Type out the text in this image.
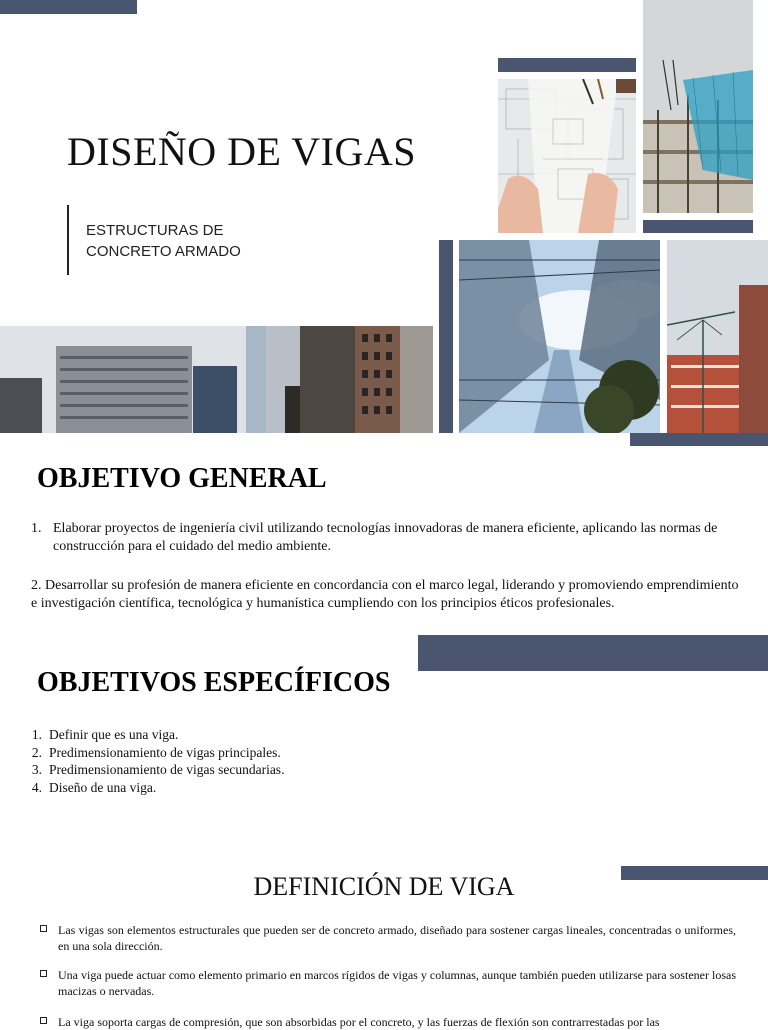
DISEÑO DE VIGAS
ESTRUCTURAS DE
CONCRETO ARMADO
OBJETIVO GENERAL
1. Elaborar proyectos de ingeniería civil utilizando tecnologías innovadoras de manera eficiente, aplicando las normas de construcción para el cuidado del medio ambiente.
2. Desarrollar su profesión de manera eficiente en concordancia con el marco legal, liderando y promoviendo emprendimiento e investigación científica, tecnológica y humanística cumpliendo con los principios éticos profesionales.
OBJETIVOS ESPECÍFICOS
1. Definir que es una viga.
2. Predimensionamiento de vigas principales.
3. Predimensionamiento de vigas secundarias.
4. Diseño de una viga.
DEFINICIÓN DE VIGA
Las vigas son elementos estructurales que pueden ser de concreto armado, diseñado para sostener cargas lineales, concentradas o uniformes, en una sola dirección.
Una viga puede actuar como elemento primario en marcos rígidos de vigas y columnas, aunque también pueden utilizarse para sostener losas macizas o nervadas.
La viga soporta cargas de compresión, que son absorbidas por el concreto, y las fuerzas de flexión son contrarrestadas por las
